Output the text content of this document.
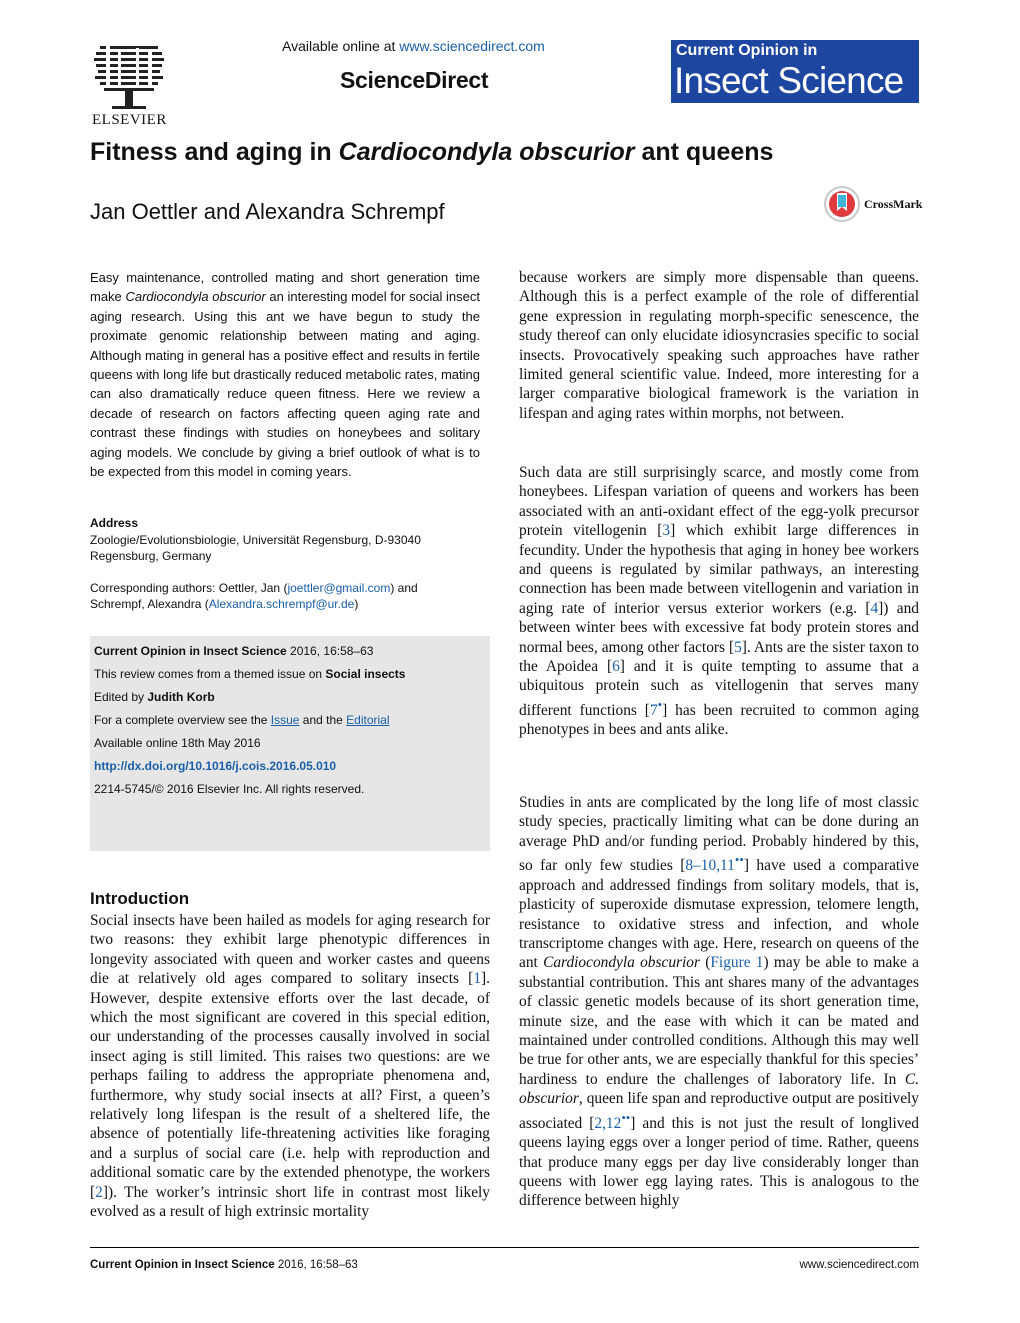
ELSEVIER
Available online at www.sciencedirect.com
ScienceDirect
Current Opinion in
Insect Science
Fitness and aging in Cardiocondyla obscurior ant queens
Jan Oettler and Alexandra Schrempf	CrossMark
Easy maintenance, controlled mating and short generation time make Cardiocondyla obscurior an interesting model for social insect aging research. Using this ant we have begun to study the proximate genomic relationship between mating and aging. Although mating in general has a positive effect and results in fertile queens with long life but drastically reduced metabolic rates, mating can also dramatically reduce queen fitness. Here we review a decade of research on factors affecting queen aging rate and contrast these findings with studies on honeybees and solitary aging models. We conclude by giving a brief outlook of what is to be expected from this model in coming years.
Address
Zoologie/Evolutionsbiologie, Universität Regensburg, D-93040
Regensburg, Germany
Corresponding authors: Oettler, Jan (joettler@gmail.com) and
Schrempf, Alexandra (Alexandra.schrempf@ur.de)
Current Opinion in Insect Science 2016, 16:58–63
This review comes from a themed issue on Social insects
Edited by Judith Korb
For a complete overview see the Issue and the Editorial
Available online 18th May 2016
http://dx.doi.org/10.1016/j.cois.2016.05.010
2214-5745/© 2016 Elsevier Inc. All rights reserved.
Introduction
Social insects have been hailed as models for aging research for two reasons: they exhibit large phenotypic differences in longevity associated with queen and worker castes and queens die at relatively old ages compared to solitary insects [1]. However, despite extensive efforts over the last decade, of which the most significant are covered in this special edition, our understanding of the processes causally involved in social insect aging is still limited. This raises two questions: are we perhaps failing to address the appropriate phenomena and, furthermore, why study social insects at all? First, a queen’s relatively long lifespan is the result of a sheltered life, the absence of potentially life-threatening activities like foraging and a surplus of social care (i.e. help with reproduction and additional somatic care by the extended phenotype, the workers [2]). The worker’s intrinsic short life in contrast most likely evolved as a result of high extrinsic mortality

because workers are simply more dispensable than queens. Although this is a perfect example of the role of differential gene expression in regulating morph-specific senescence, the study thereof can only elucidate idiosyncrasies specific to social insects. Provocatively speaking such approaches have rather limited general scientific value. Indeed, more interesting for a larger comparative biological framework is the variation in lifespan and aging rates within morphs, not between.

Such data are still surprisingly scarce, and mostly come from honeybees. Lifespan variation of queens and workers has been associated with an anti-oxidant effect of the egg-yolk precursor protein vitellogenin [3] which exhibit large differences in fecundity. Under the hypothesis that aging in honey bee workers and queens is regulated by similar pathways, an interesting connection has been made between vitellogenin and variation in aging rate of interior versus exterior workers (e.g. [4]) and between winter bees with excessive fat body protein stores and normal bees, among other factors [5]. Ants are the sister taxon to the Apoidea [6] and it is quite tempting to assume that a ubiquitous protein such as vitellogenin that serves many different functions [7•] has been recruited to common aging phenotypes in bees and ants alike.

Studies in ants are complicated by the long life of most classic study species, practically limiting what can be done during an average PhD and/or funding period. Probably hindered by this, so far only few studies [8–10,11••] have used a comparative approach and addressed findings from solitary models, that is, plasticity of superoxide dismutase expression, telomere length, resistance to oxidative stress and infection, and whole transcriptome changes with age. Here, research on queens of the ant Cardiocondyla obscurior (Figure 1) may be able to make a substantial contribution. This ant shares many of the advantages of classic genetic models because of its short generation time, minute size, and the ease with which it can be mated and maintained under controlled conditions. Although this may well be true for other ants, we are especially thankful for this species’ hardiness to endure the challenges of laboratory life. In C. obscurior, queen life span and reproductive output are positively associated [2,12••] and this is not just the result of longlived queens laying eggs over a longer period of time. Rather, queens that produce many eggs per day live considerably longer than queens with lower egg laying rates. This is analogous to the difference between highly

Current Opinion in Insect Science 2016, 16:58–63	www.sciencedirect.com
